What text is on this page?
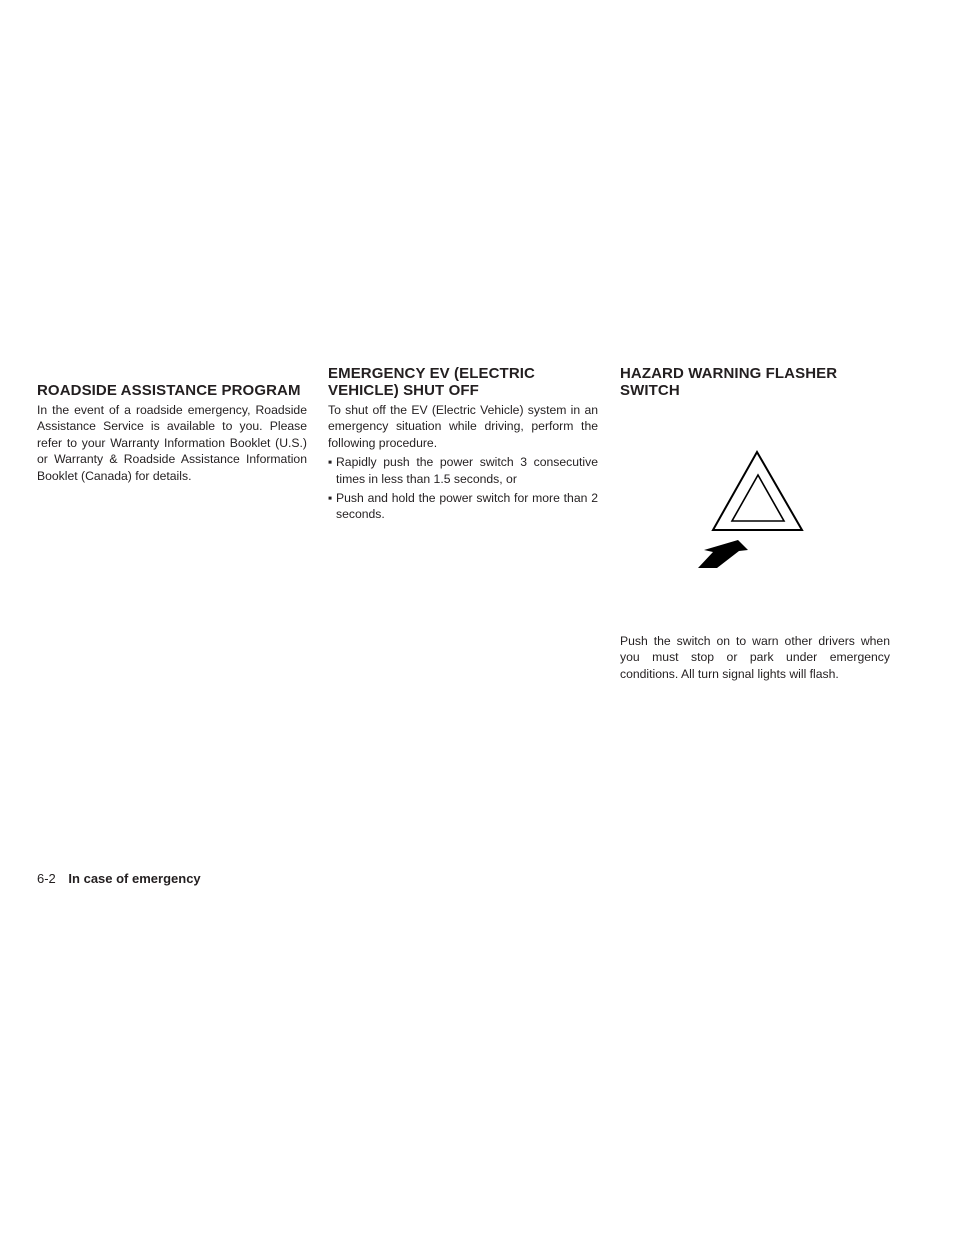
ROADSIDE ASSISTANCE PROGRAM

In the event of a roadside emergency, Roadside Assistance Service is available to you. Please refer to your Warranty Information Booklet (U.S.) or Warranty & Roadside Assistance Information Booklet (Canada) for details.

EMERGENCY EV (ELECTRIC VEHICLE) SHUT OFF

To shut off the EV (Electric Vehicle) system in an emergency situation while driving, perform the following procedure.

▪ Rapidly push the power switch 3 consecutive times in less than 1.5 seconds, or
▪ Push and hold the power switch for more than 2 seconds.
HAZARD WARNING FLASHER SWITCH

Push the switch on to warn other drivers when you must stop or park under emergency conditions. All turn signal lights will flash.

6-2 In case of emergency
